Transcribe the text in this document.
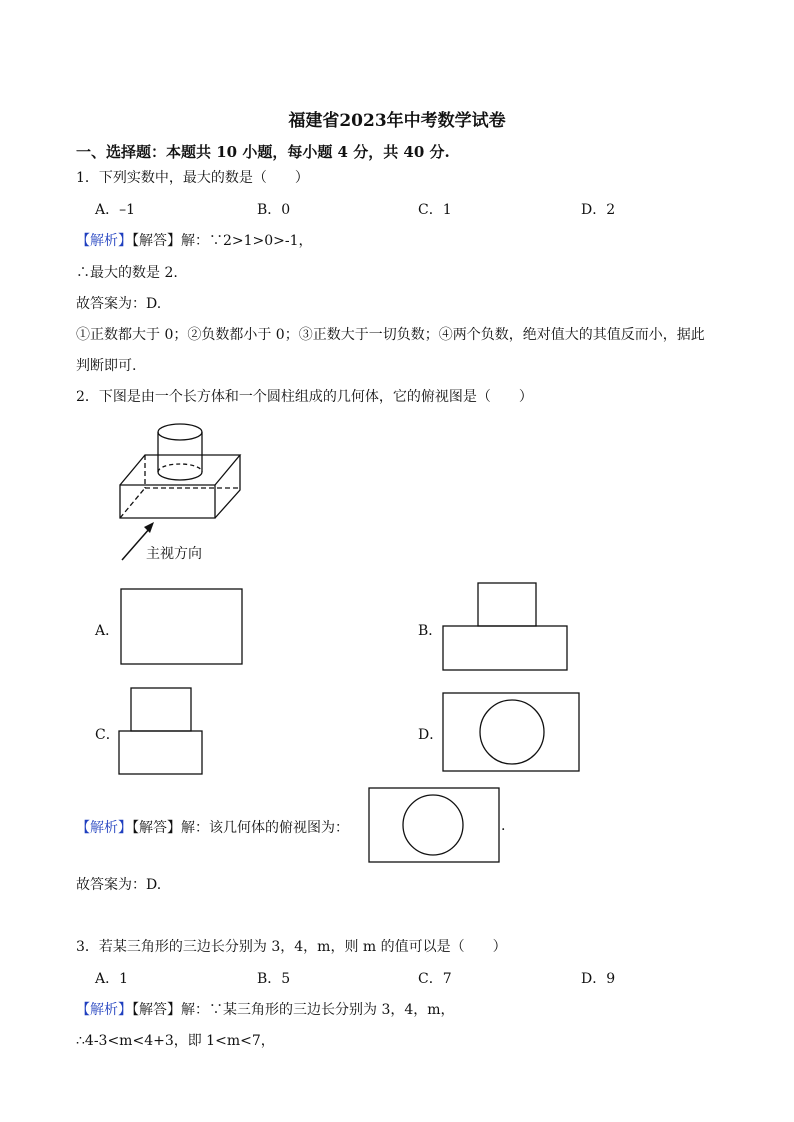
福建省2023年中考数学试卷
一、选择题：本题共 10 小题，每小题 4 分，共 40 分.
1．下列实数中，最大的数是（　　）
A．–1	B．0	C．1	D．2
【解析】【解答】解：∵2>1>0>-1，
∴最大的数是 2.
故答案为：D.
①正数都大于 0；②负数都小于 0；③正数大于一切负数；④两个负数，绝对值大的其值反而小，据此
判断即可.
2．下图是由一个长方体和一个圆柱组成的几何体，它的俯视图是（　　）
主视方向
A．	B．
C．	D．
【解析】【解答】解：该几何体的俯视图为：	.
故答案为：D.
3．若某三角形的三边长分别为 3，4，m，则 m 的值可以是（　　）
A．1	B．5	C．7	D．9
【解析】【解答】解：∵某三角形的三边长分别为 3，4，m，
∴4-3<m<4+3，即 1<m<7，
